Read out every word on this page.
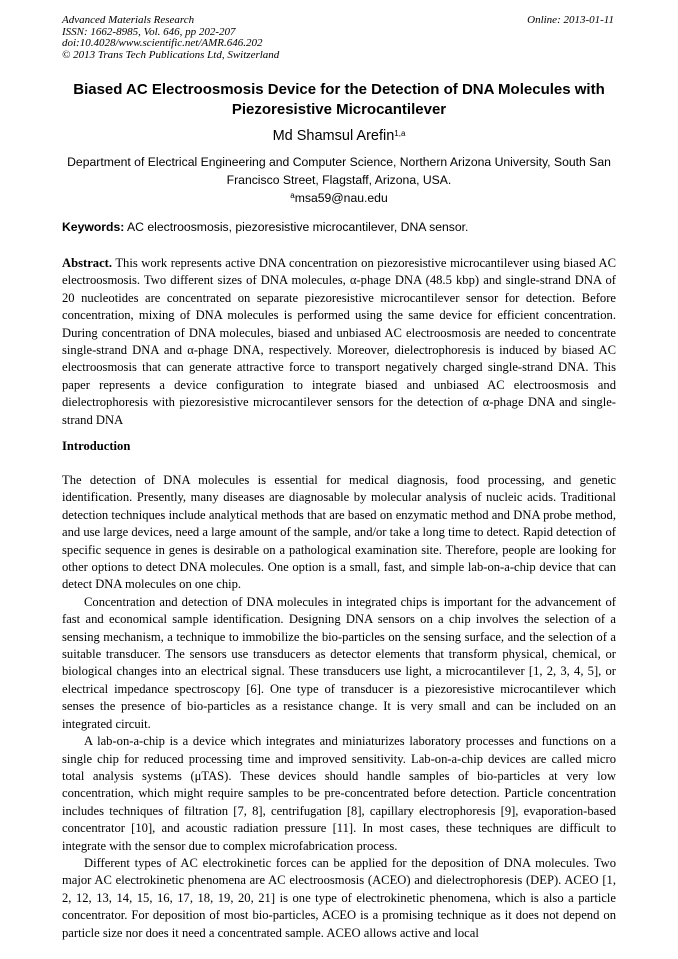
Advanced Materials Research
ISSN: 1662-8985, Vol. 646, pp 202-207
doi:10.4028/www.scientific.net/AMR.646.202
© 2013 Trans Tech Publications Ltd, Switzerland
Online: 2013-01-11
Biased AC Electroosmosis Device for the Detection of DNA Molecules with Piezoresistive Microcantilever
Md Shamsul Arefin$^{1,a}$
Department of Electrical Engineering and Computer Science, Northern Arizona University, South San Francisco Street, Flagstaff, Arizona, USA.
$^a$msa59@nau.edu
Keywords: AC electroosmosis, piezoresistive microcantilever, DNA sensor.
Abstract. This work represents active DNA concentration on piezoresistive microcantilever using biased AC electroosmosis. Two different sizes of DNA molecules, α-phage DNA (48.5 kbp) and single-strand DNA of 20 nucleotides are concentrated on separate piezoresistive microcantilever sensor for detection. Before concentration, mixing of DNA molecules is performed using the same device for efficient concentration. During concentration of DNA molecules, biased and unbiased AC electroosmosis are needed to concentrate single-strand DNA and α-phage DNA, respectively. Moreover, dielectrophoresis is induced by biased AC electroosmosis that can generate attractive force to transport negatively charged single-strand DNA. This paper represents a device configuration to integrate biased and unbiased AC electroosmosis and dielectrophoresis with piezoresistive microcantilever sensors for the detection of α-phage DNA and single-strand DNA
Introduction

The detection of DNA molecules is essential for medical diagnosis, food processing, and genetic identification. Presently, many diseases are diagnosable by molecular analysis of nucleic acids. Traditional detection techniques include analytical methods that are based on enzymatic method and DNA probe method, and use large devices, need a large amount of the sample, and/or take a long time to detect. Rapid detection of specific sequence in genes is desirable on a pathological examination site. Therefore, people are looking for other options to detect DNA molecules. One option is a small, fast, and simple lab-on-a-chip device that can detect DNA molecules on one chip.

Concentration and detection of DNA molecules in integrated chips is important for the advancement of fast and economical sample identification. Designing DNA sensors on a chip involves the selection of a sensing mechanism, a technique to immobilize the bio-particles on the sensing surface, and the selection of a suitable transducer. The sensors use transducers as detector elements that transform physical, chemical, or biological changes into an electrical signal. These transducers use light, a microcantilever [1, 2, 3, 4, 5], or electrical impedance spectroscopy [6]. One type of transducer is a piezoresistive microcantilever which senses the presence of bio-particles as a resistance change. It is very small and can be included on an integrated circuit.

A lab-on-a-chip is a device which integrates and miniaturizes laboratory processes and functions on a single chip for reduced processing time and improved sensitivity. Lab-on-a-chip devices are called micro total analysis systems (μTAS). These devices should handle samples of bio-particles at very low concentration, which might require samples to be pre-concentrated before detection. Particle concentration includes techniques of filtration [7, 8], centrifugation [8], capillary electrophoresis [9], evaporation-based concentrator [10], and acoustic radiation pressure [11]. In most cases, these techniques are difficult to integrate with the sensor due to complex microfabrication process.

Different types of AC electrokinetic forces can be applied for the deposition of DNA molecules. Two major AC electrokinetic phenomena are AC electroosmosis (ACEO) and dielectrophoresis (DEP). ACEO [1, 2, 12, 13, 14, 15, 16, 17, 18, 19, 20, 21] is one type of electrokinetic phenomena, which is also a particle concentrator. For deposition of most bio-particles, ACEO is a promising technique as it does not depend on particle size nor does it need a concentrated sample. ACEO allows active and local
